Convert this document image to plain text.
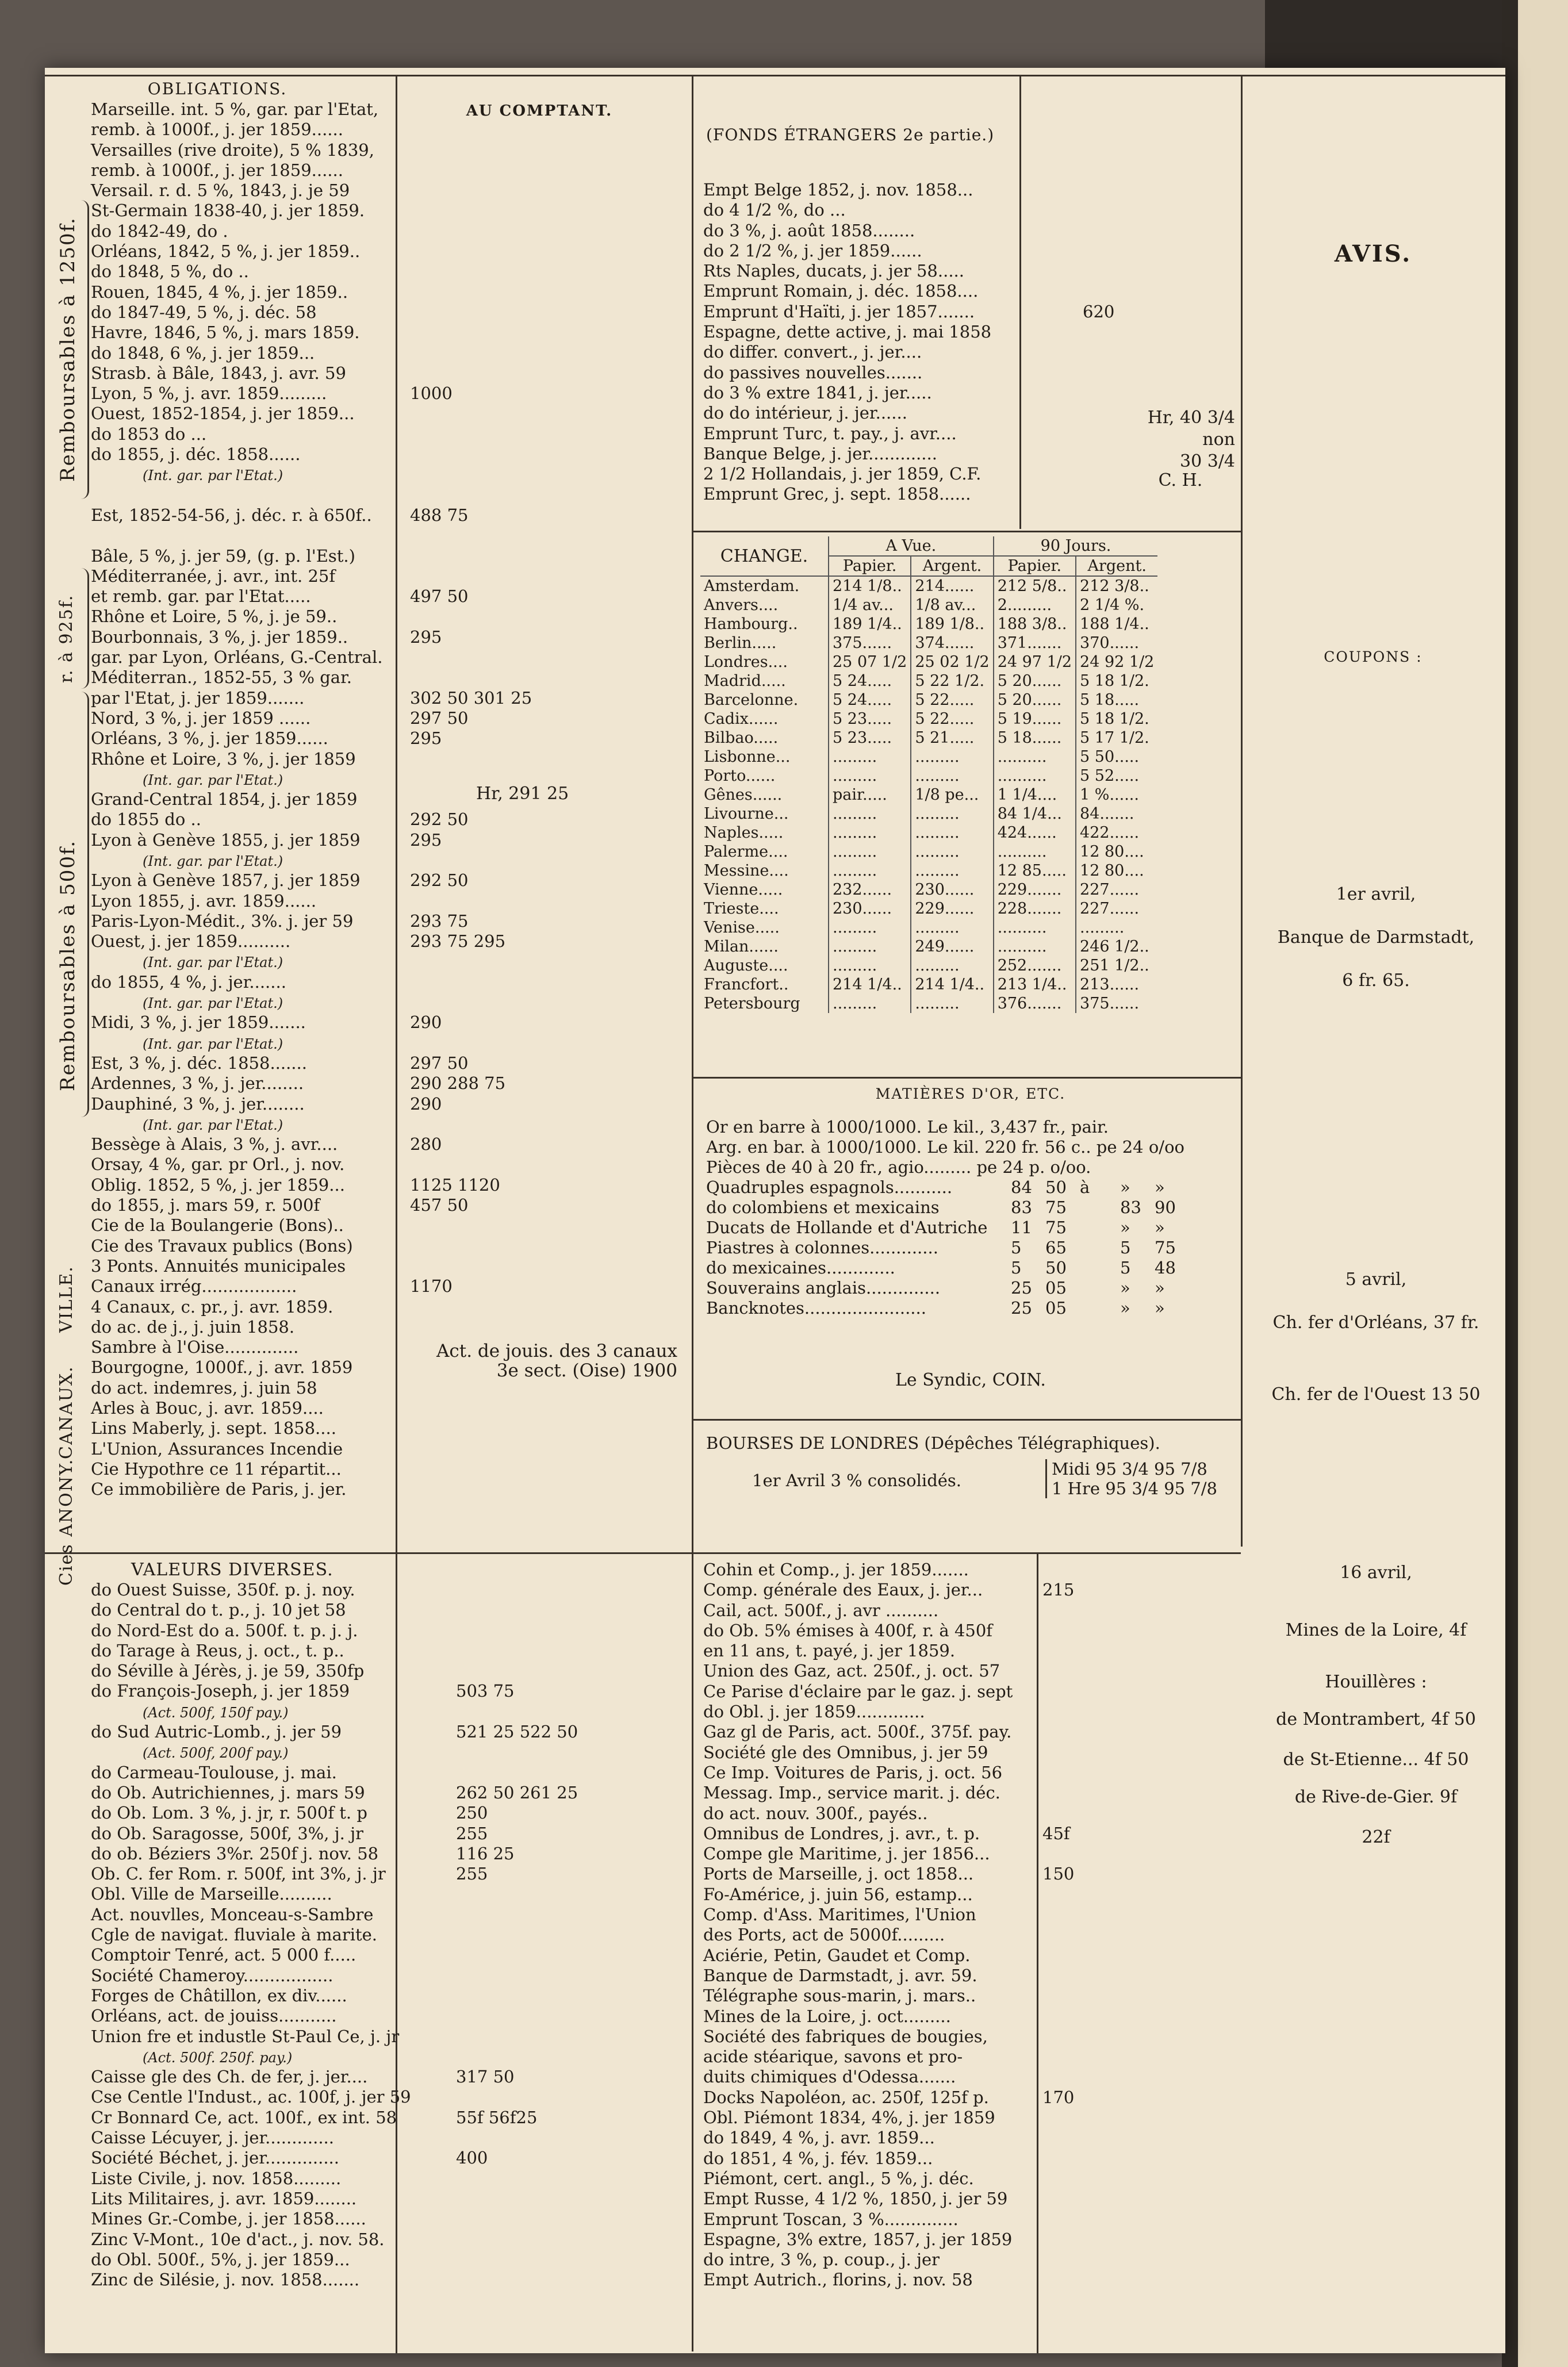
OBLIGATIONS.
AU COMPTANT.
Remboursables à 1250f.
r. à 925f.
Remboursables à 500f.
VILLE.
CANAUX.
Cies ANONY.
Marseille. int. 5 %, gar. par l'Etat,
remb. à 1000f., j. jer 1859......
Versailles (rive droite), 5 % 1839,
remb. à 1000f., j. jer 1859......
Versail. r. d. 5 %, 1843, j. je 59
St-Germain 1838-40, j. jer 1859.
do 1842-49, do .
Orléans, 1842, 5 %, j. jer 1859..
do 1848, 5 %, do ..
Rouen, 1845, 4 %, j. jer 1859..
do 1847-49, 5 %, j. déc. 58
Havre, 1846, 5 %, j. mars 1859.
do 1848, 6 %, j. jer 1859...
Strasb. à Bâle, 1843, j. avr. 59
Lyon, 5 %, j. avr. 1859.........	1000
Ouest, 1852-1854, j. jer 1859...
do 1853 do ...
do 1855, j. déc. 1858......
(Int. gar. par l'Etat.)
Est, 1852-54-56, j. déc. r. à 650f.. 488 75
Bâle, 5 %, j. jer 59, (g. p. l'Est.)
Méditerranée, j. avr., int. 25f
et remb. gar. par l'Etat.....	497 50
Rhône et Loire, 5 %, j. je 59..
Bourbonnais, 3 %, j. jer 1859..	295
gar. par Lyon, Orléans, G.-Central.
Méditerran., 1852-55, 3 % gar.
par l'Etat, j. jer 1859.......	302 50 301 25
Nord, 3 %, j. jer 1859 ......	297 50
Orléans, 3 %, j. jer 1859......	295
Rhône et Loire, 3 %, j. jer 1859
(Int. gar. par l'Etat.)
Grand-Central 1854, j. jer 1859
do 1855 do ..	292 50
Lyon à Genève 1855, j. jer 1859	295
(Int. gar. par l'Etat.)
Lyon à Genève 1857, j. jer 1859	292 50
Lyon 1855, j. avr. 1859......
Paris-Lyon-Médit., 3%. j. jer 59	293 75
Ouest, j. jer 1859..........	293 75 295
(Int. gar. par l'Etat.)
do 1855, 4 %, j. jer.......
(Int. gar. par l'Etat.)
Midi, 3 %, j. jer 1859.......	290
(Int. gar. par l'Etat.)
Est, 3 %, j. déc. 1858.......	297 50
Ardennes, 3 %, j. jer........	290 288 75
Dauphiné, 3 %, j. jer........	290
(Int. gar. par l'Etat.)
Bessège à Alais, 3 %, j. avr....	280
Orsay, 4 %, gar. pr Orl., j. nov.
Oblig. 1852, 5 %, j. jer 1859...	1125 1120
do 1855, j. mars 59, r. 500f	457 50
Cie de la Boulangerie (Bons)..
Cie des Travaux publics (Bons)
3 Ponts. Annuités municipales
Canaux irrég..................	1170
4 Canaux, c. pr., j. avr. 1859.
do ac. de j., j. juin 1858.
Sambre à l'Oise..............
Bourgogne, 1000f., j. avr. 1859
do act. indemres, j. juin 58
Arles à Bouc, j. avr. 1859....
Lins Maberly, j. sept. 1858....
L'Union, Assurances Incendie
Cie Hypothre ce 11 répartit...
Ce immobilière de Paris, j. jer.
Hr, 291 25
Act. de jouis. des 3 canaux
3e sect. (Oise) 1900
(FONDS ÉTRANGERS 2e partie.)
Empt Belge 1852, j. nov. 1858...
do 4 1/2 %, do ...
do 3 %, j. août 1858........
do 2 1/2 %, j. jer 1859......
Rts Naples, ducats, j. jer 58.....
Emprunt Romain, j. déc. 1858....
Emprunt d'Haïti, j. jer 1857.......	620
Espagne, dette active, j. mai 1858
do differ. convert., j. jer....
do passives nouvelles.......
do 3 % extre 1841, j. jer.....
do do intérieur, j. jer......
Emprunt Turc, t. pay., j. avr....
Banque Belge, j. jer.............
2 1/2 Hollandais, j. jer 1859, C.F.
Emprunt Grec, j. sept. 1858......
Hr, 40 3/4 non
30 3/4
C. H.
CHANGE.	A Vue.		90 Jours.	
	Papier.	Argent.	Papier.	Argent.
Amsterdam.	214 1/8..	214......	212 5/8..	212 3/8..
Anvers....	1/4 av...	1/8 av...	2.........	2 1/4 %.
Hambourg..	189 1/4..	189 1/8..	188 3/8..	188 1/4..
Berlin.....	375......	374......	371.......	370......
Londres....	25 07 1/2	25 02 1/2	24 97 1/2	24 92 1/2
Madrid.....	5 24.....	5 22 1/2.	5 20......	5 18 1/2.
Barcelonne.	5 24.....	5 22.....	5 20......	5 18.....
Cadix......	5 23.....	5 22.....	5 19......	5 18 1/2.
Bilbao.....	5 23.....	5 21.....	5 18......	5 17 1/2.
Lisbonne...	.........	.........	..........	5 50.....
Porto......	.........	.........	..........	5 52.....
Gênes......	pair.....	1/8 pe...	1 1/4....	1 %......
Livourne...	.........	.........	84 1/4...	84.......
Naples.....	.........	.........	424......	422......
Palerme....	.........	.........	..........	12 80....
Messine....	.........	.........	12 85.....	12 80....
Vienne.....	232......	230......	229.......	227......
Trieste....	230......	229......	228.......	227......
Venise.....	.........	.........	..........	.........
Milan......	.........	249......	..........	246 1/2..
Auguste....	.........	.........	252.......	251 1/2..
Francfort..	214 1/4..	214 1/4..	213 1/4..	213......
Petersbourg	.........	.........	376.......	375......
MATIÈRES D'OR, ETC.
Or en barre à 1000/1000. Le kil., 3,437 fr., pair.
Arg. en bar. à 1000/1000. Le kil. 220 fr. 56 c.. pe 24 o/oo
Pièces de 40 à 20 fr., agio......... pe 24 p. o/oo.
Quadruples espagnols...........	84 50 à » »
do colombiens et mexicains	83 75	83 90
Ducats de Hollande et d'Autriche 11 75	» »
Piastres à colonnes.............	5 65	5 75
do mexicaines.............	5 50	5 48
Souverains anglais..............	25 05	» »
Bancknotes.......................	25 05	» »
Le Syndic, COIN.
BOURSES DE LONDRES (Dépêches Télégraphiques).
1er Avril 3 % consolidés.
Midi 95 3/4 95 7/8
1 Hre 95 3/4 95 7/8
AVIS.
COUPONS :
1er avril,
Banque de Darmstadt,
6 fr. 65.
5 avril,
Ch. fer d'Orléans, 37 fr.
Ch. fer de l'Ouest 13 50
16 avril,
Mines de la Loire, 4f
Houillères :
de Montrambert, 4f 50
de St-Etienne... 4f 50
de Rive-de-Gier. 9f
22f
VALEURS DIVERSES.
do Ouest Suisse, 350f. p. j. noy.
do Central do t. p., j. 10 jet 58
do Nord-Est do a. 500f. t. p. j. j.
do Tarage à Reus, j. oct., t. p..
do Séville à Jérès, j. je 59, 350fp
do François-Joseph, j. jer 1859	503 75
(Act. 500f, 150f pay.)
do Sud Autric-Lomb., j. jer 59	521 25 522 50
(Act. 500f, 200f pay.)
do Carmeau-Toulouse, j. mai.
do Ob. Autrichiennes, j. mars 59	262 50 261 25
do Ob. Lom. 3 %, j. jr, r. 500f t. p	250
do Ob. Saragosse, 500f, 3%, j. jr	255
do ob. Béziers 3%r. 250f j. nov. 58	116 25
Ob. C. fer Rom. r. 500f, int 3%, j. jr	255
Obl. Ville de Marseille..........
Act. nouvlles, Monceau-s-Sambre
Cgle de navigat. fluviale à marite.
Comptoir Tenré, act. 5 000 f.....
Société Chameroy.................
Forges de Châtillon, ex div......
Orléans, act. de jouiss...........
Union fre et industle St-Paul Ce, j. jr
(Act. 500f. 250f. pay.)
Caisse gle des Ch. de fer, j. jer....	317 50
Cse Centle l'Indust., ac. 100f, j. jer 59
Cr Bonnard Ce, act. 100f., ex int. 58	55f 56f25
Caisse Lécuyer, j. jer.............
Société Béchet, j. jer..............	400
Liste Civile, j. nov. 1858.........
Lits Militaires, j. avr. 1859........
Mines Gr.-Combe, j. jer 1858......
Zinc V-Mont., 10e d'act., j. nov. 58.
do Obl. 500f., 5%, j. jer 1859...
Zinc de Silésie, j. nov. 1858.......
Cohin et Comp., j. jer 1859.......
Comp. générale des Eaux, j. jer...	215
Cail, act. 500f., j. avr ..........
do Ob. 5% émises à 400f, r. à 450f
en 11 ans, t. payé, j. jer 1859.
Union des Gaz, act. 250f., j. oct. 57
Ce Parise d'éclaire par le gaz. j. sept
do Obl. j. jer 1859.............
Gaz gl de Paris, act. 500f., 375f. pay.
Société gle des Omnibus, j. jer 59
Ce Imp. Voitures de Paris, j. oct. 56
Messag. Imp., service marit. j. déc.
do act. nouv. 300f., payés..
Omnibus de Londres, j. avr., t. p.	45f
Compe gle Maritime, j. jer 1856...
Ports de Marseille, j. oct 1858...	150
Fo-Américe, j. juin 56, estamp...
Comp. d'Ass. Maritimes, l'Union
des Ports, act de 5000f.........
Aciérie, Petin, Gaudet et Comp.
Banque de Darmstadt, j. avr. 59.
Télégraphe sous-marin, j. mars..
Mines de la Loire, j. oct.........
Société des fabriques de bougies,
acide stéarique, savons et pro-
duits chimiques d'Odessa.......
Docks Napoléon, ac. 250f, 125f p.	170
Obl. Piémont 1834, 4%, j. jer 1859
do 1849, 4 %, j. avr. 1859...
do 1851, 4 %, j. fév. 1859...
Piémont, cert. angl., 5 %, j. déc.
Empt Russe, 4 1/2 %, 1850, j. jer 59
Emprunt Toscan, 3 %..............
Espagne, 3% extre, 1857, j. jer 1859
do intre, 3 %, p. coup., j. jer
Empt Autrich., florins, j. nov. 58
